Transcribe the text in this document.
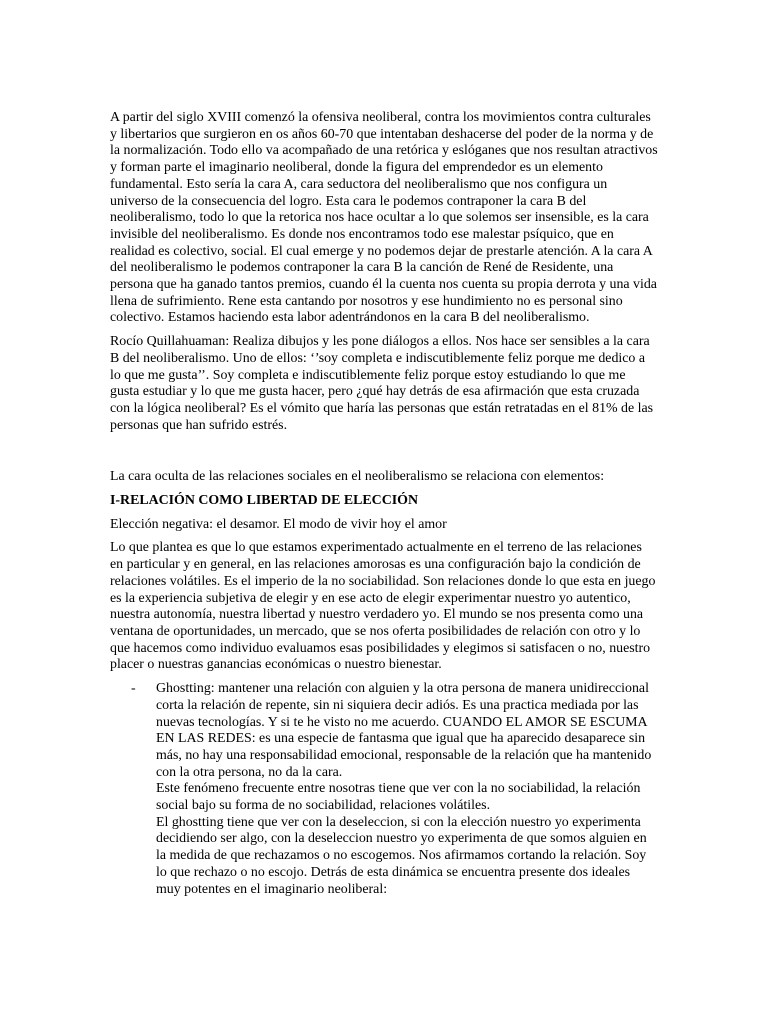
A partir del siglo XVIII comenzó la ofensiva neoliberal, contra los movimientos contra culturales y libertarios que surgieron en os años 60-70 que intentaban deshacerse del poder de la norma y de la normalización. Todo ello va acompañado de una retórica y eslóganes que nos resultan atractivos y forman parte el imaginario neoliberal, donde la figura del emprendedor es un elemento fundamental. Esto sería la cara A, cara seductora del neoliberalismo que nos configura un universo de la consecuencia del logro. Esta cara le podemos contraponer la cara B del neoliberalismo, todo lo que la retorica nos hace ocultar a lo que solemos ser insensible, es la cara invisible del neoliberalismo. Es donde nos encontramos todo ese malestar psíquico, que en realidad es colectivo, social. El cual emerge y no podemos dejar de prestarle atención. A la cara A del neoliberalismo le podemos contraponer la cara B la canción de René de Residente, una persona que ha ganado tantos premios, cuando él la cuenta nos cuenta su propia derrota y una vida llena de sufrimiento. Rene esta cantando por nosotros y ese hundimiento no es personal sino colectivo. Estamos haciendo esta labor adentrándonos en la cara B del neoliberalismo.

Rocío Quillahuaman: Realiza dibujos y les pone diálogos a ellos. Nos hace ser sensibles a la cara B del neoliberalismo. Uno de ellos: ‘’soy completa e indiscutiblemente feliz porque me dedico a lo que me gusta’’. Soy completa e indiscutiblemente feliz porque estoy estudiando lo que me gusta estudiar y lo que me gusta hacer, pero ¿qué hay detrás de esa afirmación que esta cruzada con la lógica neoliberal? Es el vómito que haría las personas que están retratadas en el 81% de las personas que han sufrido estrés.

La cara oculta de las relaciones sociales en el neoliberalismo se relaciona con elementos:

I-RELACIÓN COMO LIBERTAD DE ELECCIÓN

Elección negativa: el desamor. El modo de vivir hoy el amor

Lo que plantea es que lo que estamos experimentado actualmente en el terreno de las relaciones en particular y en general, en las relaciones amorosas es una configuración bajo la condición de relaciones volátiles. Es el imperio de la no sociabilidad. Son relaciones donde lo que esta en juego es la experiencia subjetiva de elegir y en ese acto de elegir experimentar nuestro yo autentico, nuestra autonomía, nuestra libertad y nuestro verdadero yo. El mundo se nos presenta como una ventana de oportunidades, un mercado, que se nos oferta posibilidades de relación con otro y lo que hacemos como individuo evaluamos esas posibilidades y elegimos si satisfacen o no, nuestro placer o nuestras ganancias económicas o nuestro bienestar.

- Ghostting: mantener una relación con alguien y la otra persona de manera unidireccional corta la relación de repente, sin ni siquiera decir adiós. Es una practica mediada por las nuevas tecnologías. Y si te he visto no me acuerdo. CUANDO EL AMOR SE ESCUMA EN LAS REDES: es una especie de fantasma que igual que ha aparecido desaparece sin más, no hay una responsabilidad emocional, responsable de la relación que ha mantenido con la otra persona, no da la cara.
Este fenómeno frecuente entre nosotras tiene que ver con la no sociabilidad, la relación social bajo su forma de no sociabilidad, relaciones volátiles.
El ghostting tiene que ver con la deseleccion, si con la elección nuestro yo experimenta decidiendo ser algo, con la deseleccion nuestro yo experimenta de que somos alguien en la medida de que rechazamos o no escogemos. Nos afirmamos cortando la relación. Soy lo que rechazo o no escojo. Detrás de esta dinámica se encuentra presente dos ideales muy potentes en el imaginario neoliberal:
